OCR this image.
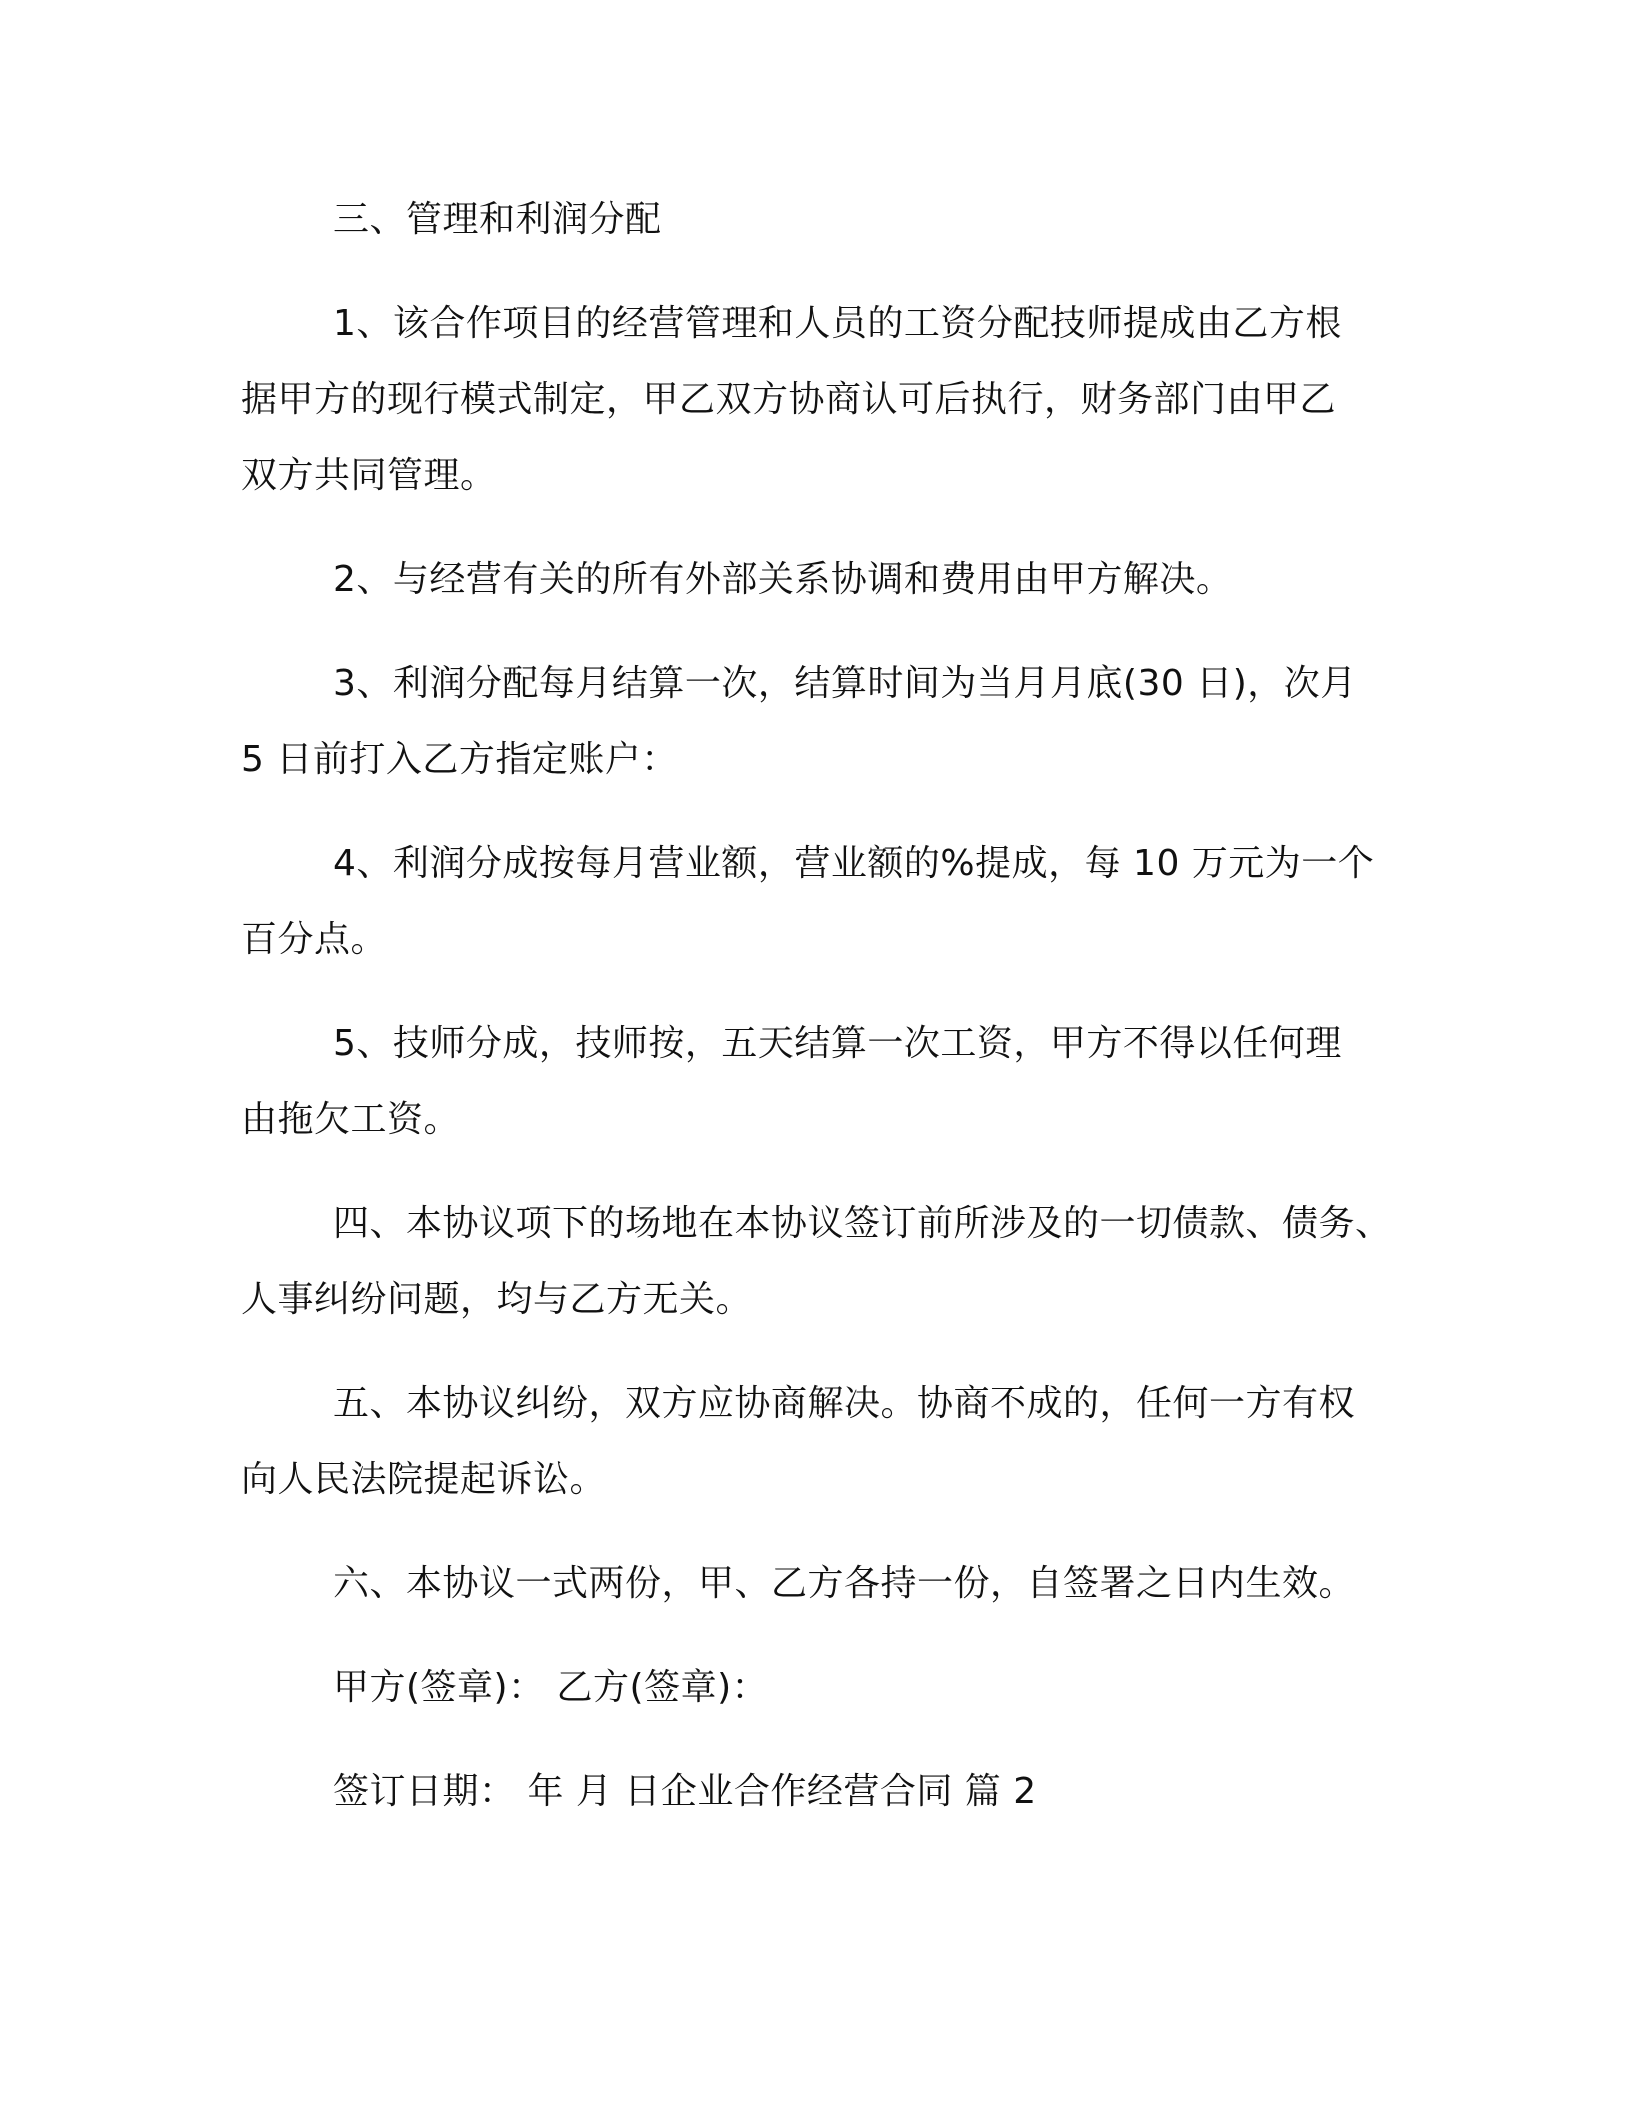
三、管理和利润分配

1、该合作项目的经营管理和人员的工资分配技师提成由乙方根

据甲方的现行模式制定，甲乙双方协商认可后执行，财务部门由甲乙

双方共同管理。

2、与经营有关的所有外部关系协调和费用由甲方解决。

3、利润分配每月结算一次，结算时间为当月月底(30 日)，次月

5 日前打入乙方指定账户：

4、利润分成按每月营业额，营业额的%提成，每 10 万元为一个

百分点。

5、技师分成，技师按，五天结算一次工资，甲方不得以任何理

由拖欠工资。

四、本协议项下的场地在本协议签订前所涉及的一切债款、债务、

人事纠纷问题，均与乙方无关。

五、本协议纠纷，双方应协商解决。协商不成的，任何一方有权

向人民法院提起诉讼。

六、本协议一式两份，甲、乙方各持一份，自签署之日内生效。

甲方(签章)： 乙方(签章)：

签订日期： 年 月 日企业合作经营合同 篇 2
